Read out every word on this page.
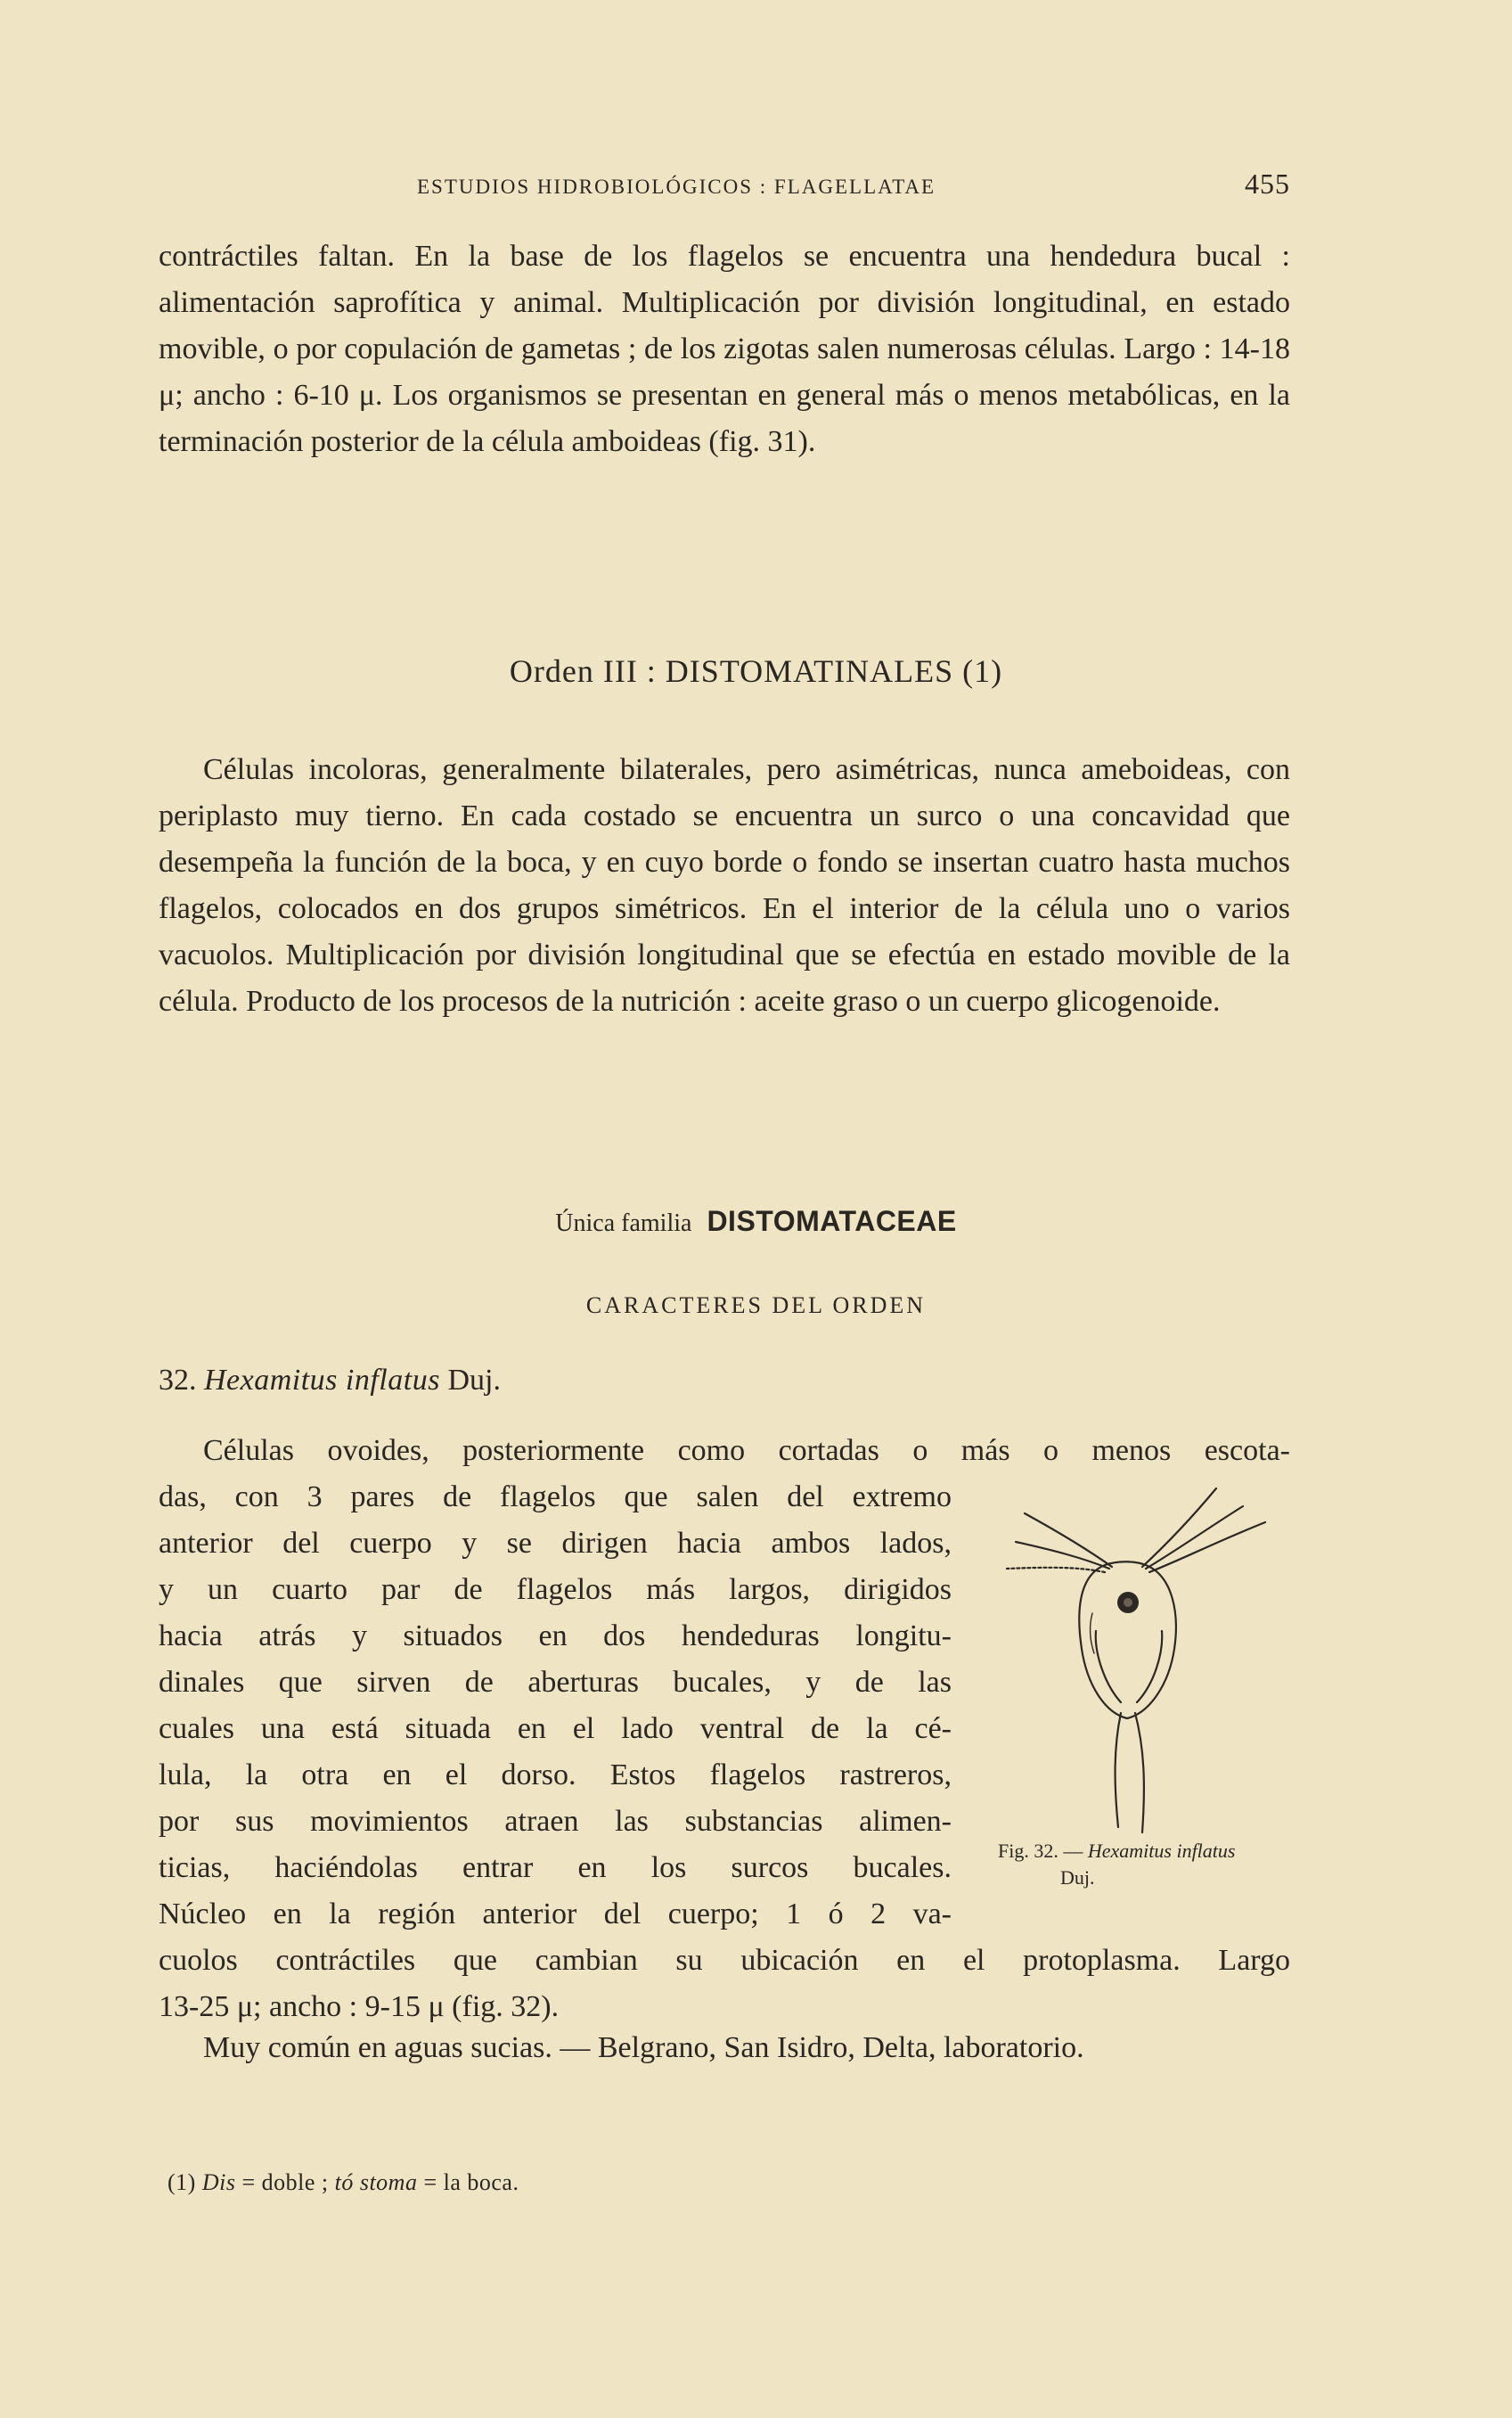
ESTUDIOS HIDROBIOLÓGICOS : FLAGELLATAE	455

contráctiles faltan. En la base de los flagelos se encuentra una hendedura bucal : alimentación saprofítica y animal. Multiplicación por división longitudinal, en estado movible, o por copulación de gametas ; de los zigotas salen numerosas células. Largo : 14-18 μ; ancho : 6-10 μ. Los organismos se presentan en general más o menos metabólicas, en la terminación posterior de la célula amboideas (fig. 31).

Orden III : DISTOMATINALES (1)

Células incoloras, generalmente bilaterales, pero asimétricas, nunca ameboideas, con periplasto muy tierno. En cada costado se encuentra un surco o una concavidad que desempeña la función de la boca, y en cuyo borde o fondo se insertan cuatro hasta muchos flagelos, colocados en dos grupos simétricos. En el interior de la célula uno o varios vacuolos. Multiplicación por división longitudinal que se efectúa en estado movible de la célula. Producto de los procesos de la nutrición : aceite graso o un cuerpo glicogenoide.

Única familia DISTOMATACEAE
CARACTERES DEL ORDEN
32. Hexamitus inflatus Duj.
Células ovoides, posteriormente como cortadas o más o menos escota-
das, con 3 pares de flagelos que salen del extremo
anterior del cuerpo y se dirigen hacia ambos lados,
y un cuarto par de flagelos más largos, dirigidos
hacia atrás y situados en dos hendeduras longitu-
dinales que sirven de aberturas bucales, y de las
cuales una está situada en el lado ventral de la cé-
lula, la otra en el dorso. Estos flagelos rastreros,
por sus movimientos atraen las substancias alimen-
ticias, haciéndolas entrar en los surcos bucales.
Núcleo en la región anterior del cuerpo; 1 ó 2 va-
cuolos contráctiles que cambian su ubicación en el protoplasma. Largo
13-25 μ; ancho : 9-15 μ (fig. 32).
Fig. 32. — Hexamitus inflatus
Duj.

Muy común en aguas sucias. — Belgrano, San Isidro, Delta, laboratorio.

(1) Dis = doble ; tó stoma = la boca.
